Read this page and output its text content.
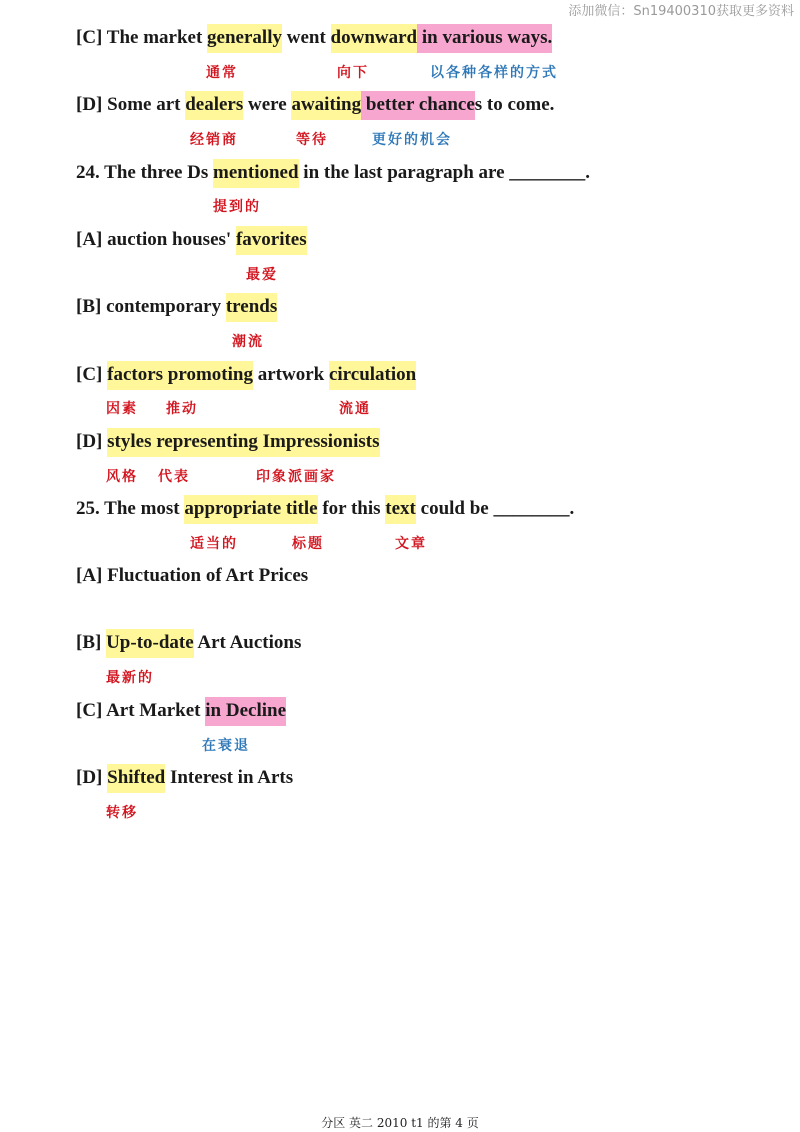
添加微信：Sn19400310获取更多资料
[C] The market generally went downward in various ways.
[D] Some art dealers were awaiting better chances to come.
24. The three Ds mentioned in the last paragraph are ________.
[A] auction houses' favorites
[B] contemporary trends
[C] factors promoting artwork circulation
[D] styles representing Impressionists
25. The most appropriate title for this text could be ________.
[A] Fluctuation of Art Prices
[B] Up-to-date Art Auctions
[C] Art Market in Decline
[D] Shifted Interest in Arts
通常	向下	以各种各样的方式
经销商	等待	更好的机会
提到的
最爱
潮流
因素 推动	流通
风格 代表	印象派画家
适当的	标题	文章
最新的
在衰退
转移
分区 英二 2010 t1 的第 4 页
